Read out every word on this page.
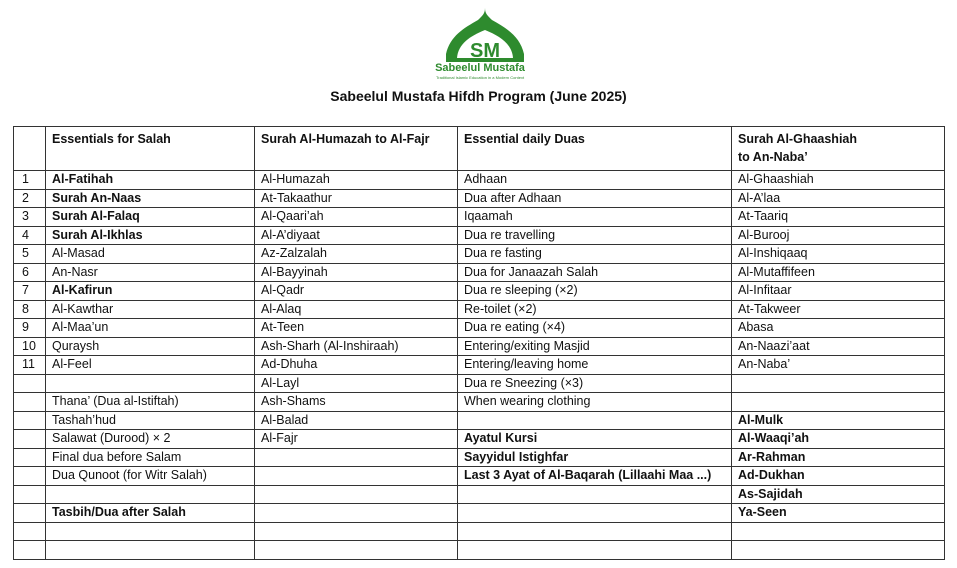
SM
Sabeelul Mustafa
Traditional Islamic Education in a Modern Context
Sabeelul Mustafa Hifdh Program (June 2025)
	Essentials for Salah	Surah Al-Humazah to Al-Fajr	Essential daily Duas	Surah Al-Ghaashiah
to An-Naba’
1	Al-Fatihah	Al-Humazah	Adhaan	Al-Ghaashiah
2	Surah An-Naas	At-Takaathur	Dua after Adhaan	Al-A’laa
3	Surah Al-Falaq	Al-Qaari’ah	Iqaamah	At-Taariq
4	Surah Al-Ikhlas	Al-A’diyaat	Dua re travelling	Al-Burooj
5	Al-Masad	Az-Zalzalah	Dua re fasting	Al-Inshiqaaq
6	An-Nasr	Al-Bayyinah	Dua for Janaazah Salah	Al-Mutaffifeen
7	Al-Kafirun	Al-Qadr	Dua re sleeping (×2)	Al-Infitaar
8	Al-Kawthar	Al-Alaq	Re-toilet (×2)	At-Takweer
9	Al-Maa’un	At-Teen	Dua re eating (×4)	Abasa
10	Quraysh	Ash-Sharh (Al-Inshiraah)	Entering/exiting Masjid	An-Naazi’aat
11	Al-Feel	Ad-Dhuha	Entering/leaving home	An-Naba’
		Al-Layl	Dua re Sneezing (×3)	
	Thana’ (Dua al-Istiftah)	Ash-Shams	When wearing clothing	
	Tashah’hud	Al-Balad		Al-Mulk
	Salawat (Durood) × 2	Al-Fajr	Ayatul Kursi	Al-Waaqi’ah
	Final dua before Salam		Sayyidul Istighfar	Ar-Rahman
	Dua Qunoot (for Witr Salah)		Last 3 Ayat of Al-Baqarah (Lillaahi Maa ...)	Ad-Dukhan
				As-Sajidah
	Tasbih/Dua after Salah			Ya-Seen
